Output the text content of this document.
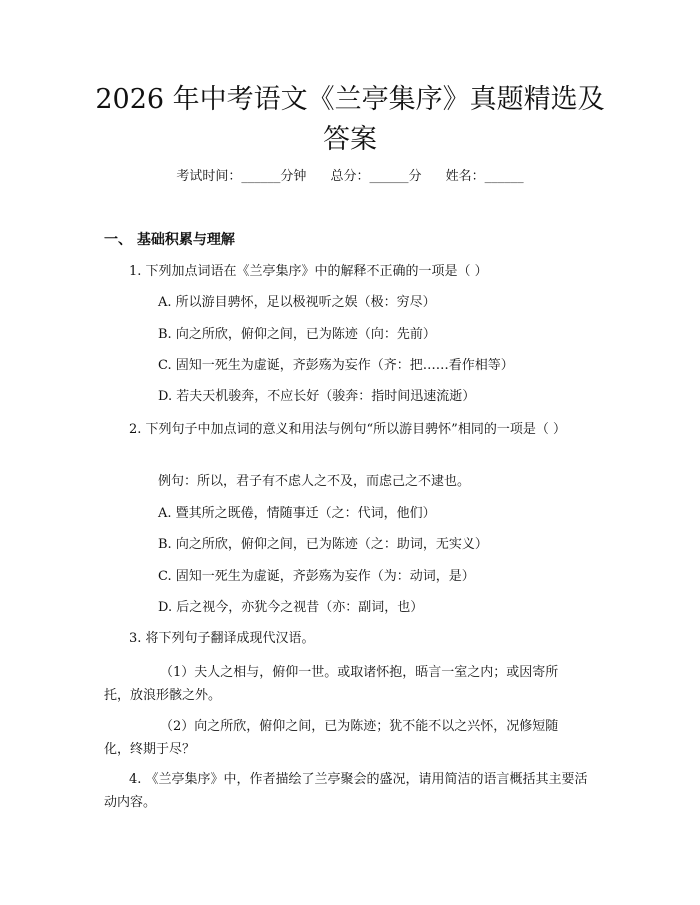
2026 年中考语文《兰亭集序》真题精选及答案
考试时间：______分钟 总分：______分 姓名：______
一、 基础积累与理解
1. 下列加点词语在《兰亭集序》中的解释不正确的一项是（ ）
A. 所以游目骋怀，足以极视听之娱（极：穷尽）
B. 向之所欣，俯仰之间，已为陈迹（向：先前）
C. 固知一死生为虚诞，齐彭殇为妄作（齐：把……看作相等）
D. 若夫天机骏奔，不应长好（骏奔：指时间迅速流逝）
2. 下列句子中加点词的意义和用法与例句“所以游目骋怀”相同的一项是（ ）
例句：所以，君子有不虑人之不及，而虑己之不逮也。
A. 暨其所之既倦，情随事迁（之：代词，他们）
B. 向之所欣，俯仰之间，已为陈迹（之：助词，无实义）
C. 固知一死生为虚诞，齐彭殇为妄作（为：动词，是）
D. 后之视今，亦犹今之视昔（亦：副词，也）
3. 将下列句子翻译成现代汉语。
（1）夫人之相与，俯仰一世。或取诸怀抱，晤言一室之内；或因寄所托，放浪形骸之外。
（2）向之所欣，俯仰之间，已为陈迹；犹不能不以之兴怀，况修短随化，终期于尽？
4. 《兰亭集序》中，作者描绘了兰亭聚会的盛况，请用简洁的语言概括其主要活动内容。
